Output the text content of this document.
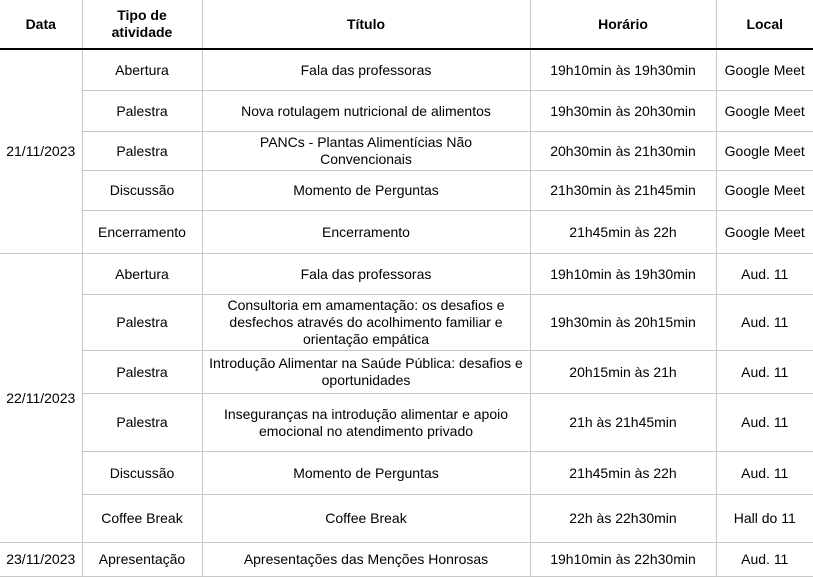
Data	Tipo de atividade	Título	Horário	Local
21/11/2023	Abertura	Fala das professoras	19h10min às 19h30min	Google Meet
	Palestra	Nova rotulagem nutricional de alimentos	19h30min às 20h30min	Google Meet
	Palestra	PANCs - Plantas Alimentícias Não Convencionais	20h30min às 21h30min	Google Meet
	Discussão	Momento de Perguntas	21h30min às 21h45min	Google Meet
	Encerramento	Encerramento	21h45min às 22h	Google Meet
22/11/2023	Abertura	Fala das professoras	19h10min às 19h30min	Aud. 11
	Palestra	Consultoria em amamentação: os desafios e desfechos através do acolhimento familiar e orientação empática	19h30min às 20h15min	Aud. 11
	Palestra	Introdução Alimentar na Saúde Pública: desafios e oportunidades	20h15min às 21h	Aud. 11
	Palestra	Inseguranças na introdução alimentar e apoio emocional no atendimento privado	21h às 21h45min	Aud. 11
	Discussão	Momento de Perguntas	21h45min às 22h	Aud. 11
	Coffee Break	Coffee Break	22h às 22h30min	Hall do 11
23/11/2023	Apresentação	Apresentações das Menções Honrosas	19h10min às 22h30min	Aud. 11
